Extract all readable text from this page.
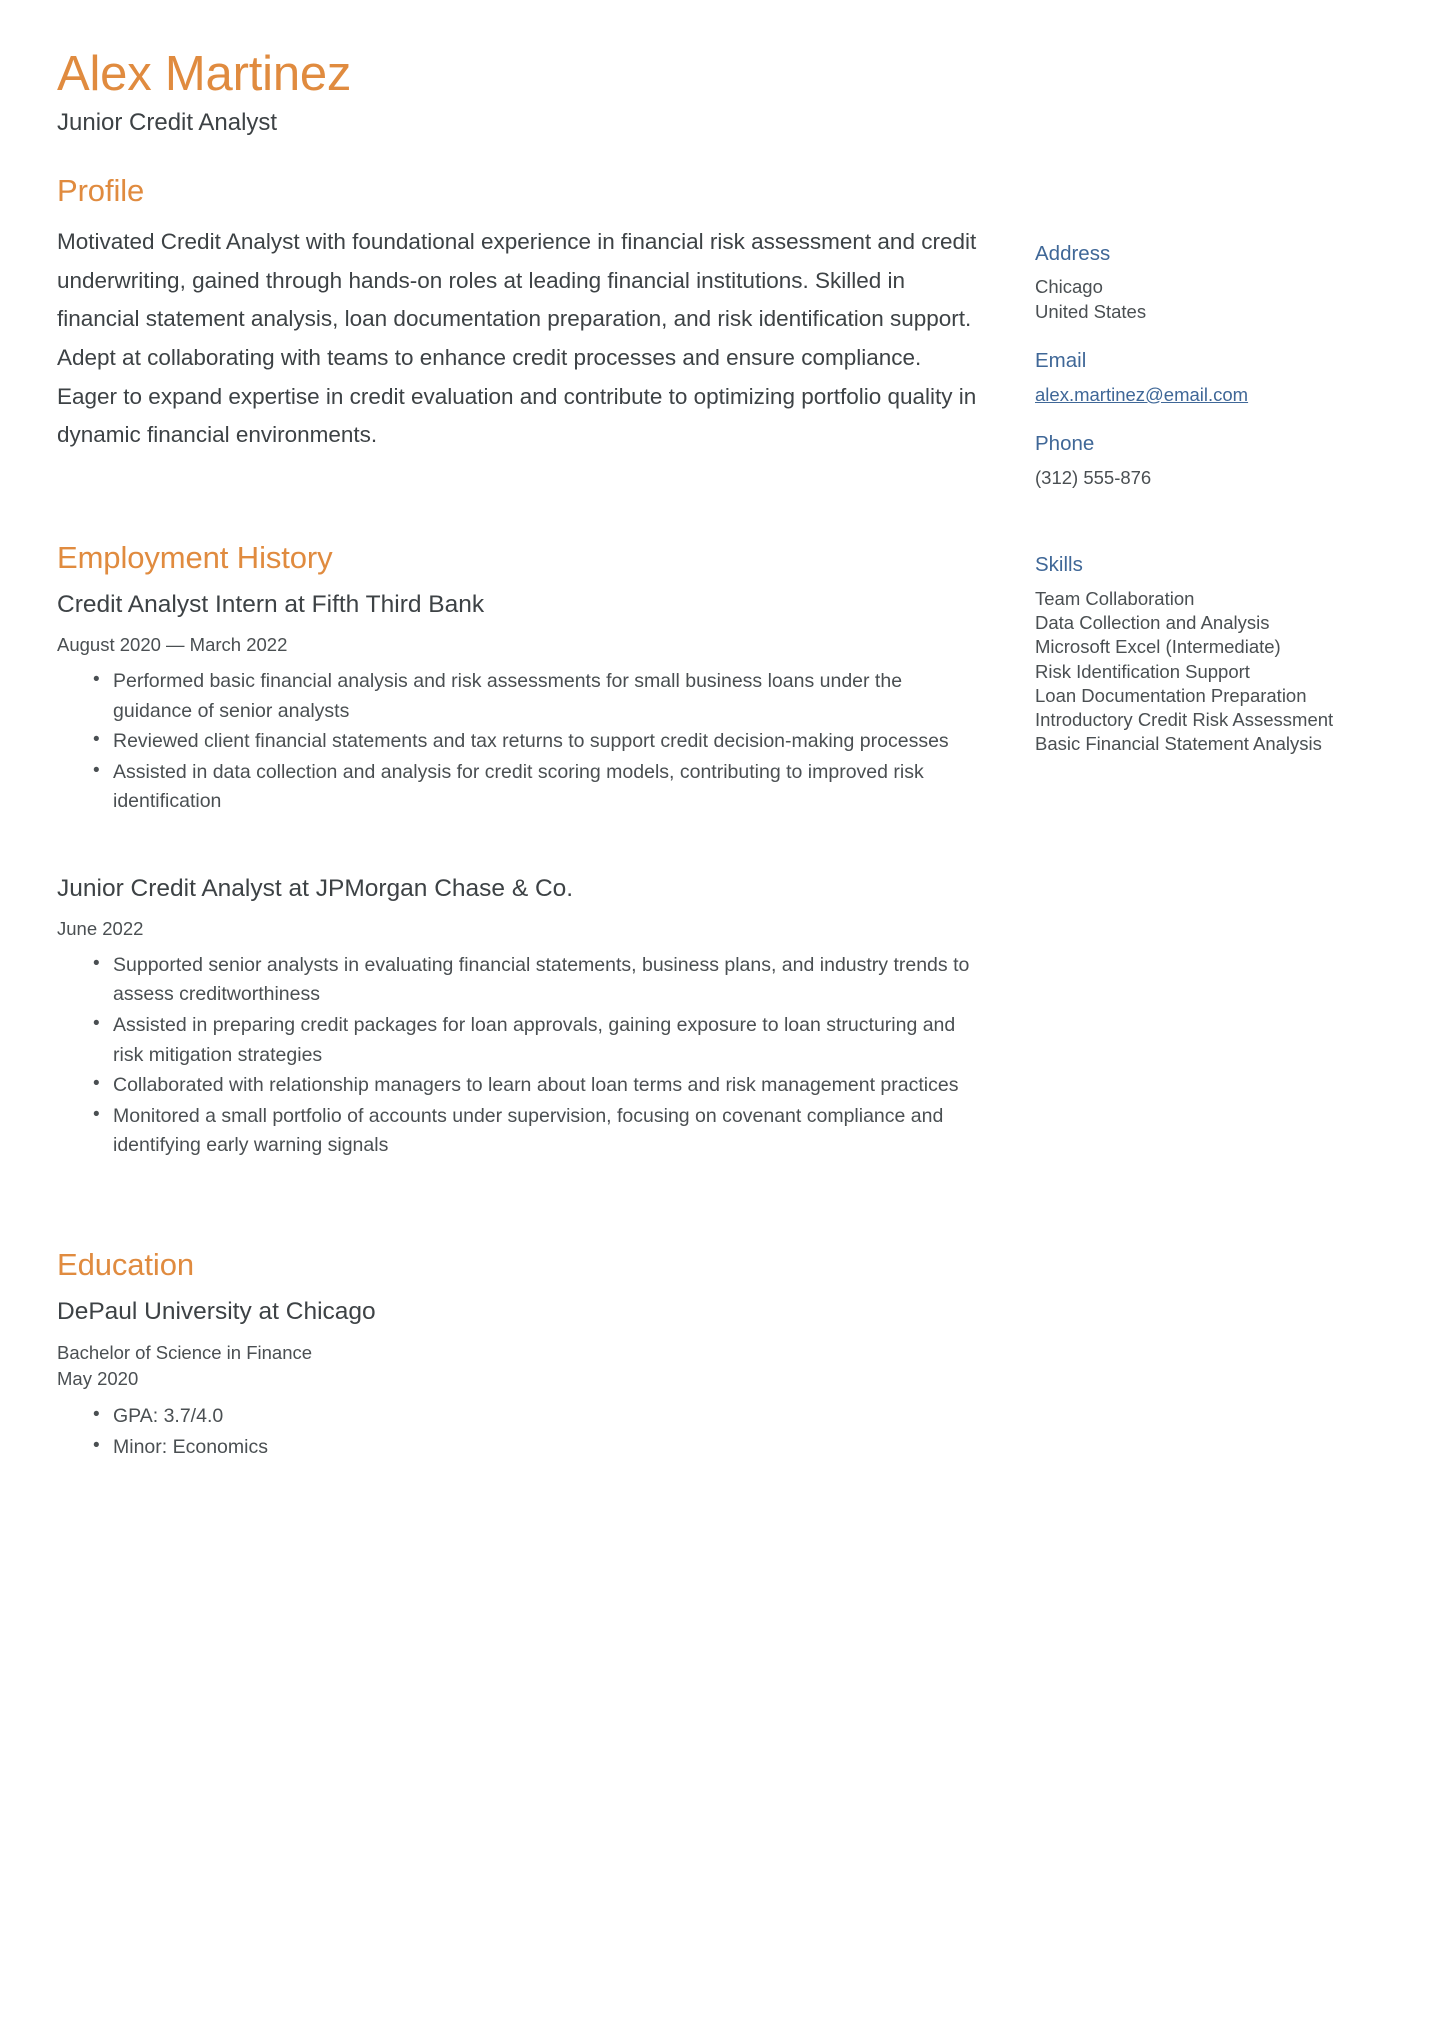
Alex Martinez
Junior Credit Analyst
Profile

Motivated Credit Analyst with foundational experience in financial risk assessment and credit underwriting, gained through hands-on roles at leading financial institutions. Skilled in financial statement analysis, loan documentation preparation, and risk identification support. Adept at collaborating with teams to enhance credit processes and ensure compliance. Eager to expand expertise in credit evaluation and contribute to optimizing portfolio quality in dynamic financial environments.

Employment History
Credit Analyst Intern at Fifth Third Bank
August 2020 — March 2022
• Performed basic financial analysis and risk assessments for small business loans under the guidance of senior analysts
• Reviewed client financial statements and tax returns to support credit decision-making processes
• Assisted in data collection and analysis for credit scoring models, contributing to improved risk identification
Junior Credit Analyst at JPMorgan Chase & Co.
June 2022
• Supported senior analysts in evaluating financial statements, business plans, and industry trends to assess creditworthiness
• Assisted in preparing credit packages for loan approvals, gaining exposure to loan structuring and risk mitigation strategies
• Collaborated with relationship managers to learn about loan terms and risk management practices
• Monitored a small portfolio of accounts under supervision, focusing on covenant compliance and identifying early warning signals
Education
DePaul University at Chicago
Bachelor of Science in Finance
May 2020
• GPA: 3.7/4.0
• Minor: Economics
Address
Chicago
United States
Email
alex.martinez@email.com
Phone
(312) 555-876
Skills
Team Collaboration
Data Collection and Analysis
Microsoft Excel (Intermediate)
Risk Identification Support
Loan Documentation Preparation
Introductory Credit Risk Assessment
Basic Financial Statement Analysis
